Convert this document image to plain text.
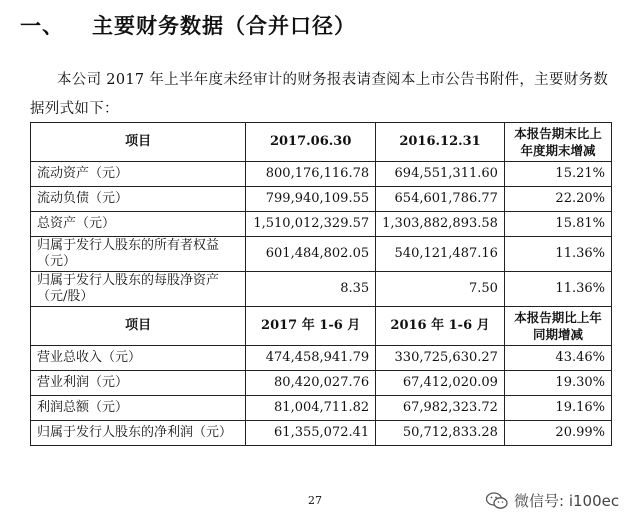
一、 主要财务数据（合并口径）
本公司 2017 年上半年度未经审计的财务报表请查阅本上市公告书附件，主要财务数据列式如下：
项目	2017.06.30	2016.12.31	本报告期末比上年度期末增减
流动资产（元）	800,176,116.78	694,551,311.60	15.21%
流动负债（元）	799,940,109.55	654,601,786.77	22.20%
总资产（元）	1,510,012,329.57	1,303,882,893.58	15.81%
归属于发行人股东的所有者权益（元）	601,484,802.05	540,121,487.16	11.36%
归属于发行人股东的每股净资产（元/股）	8.35	7.50	11.36%
项目	2017 年 1-6 月	2016 年 1-6 月	本报告期比上年同期增减
营业总收入（元）	474,458,941.79	330,725,630.27	43.46%
营业利润（元）	80,420,027.76	67,412,020.09	19.30%
利润总额（元）	81,004,711.82	67,982,323.72	19.16%
归属于发行人股东的净利润（元）	61,355,072.41	50,712,833.28	20.99%
27	微信号: i100ec
